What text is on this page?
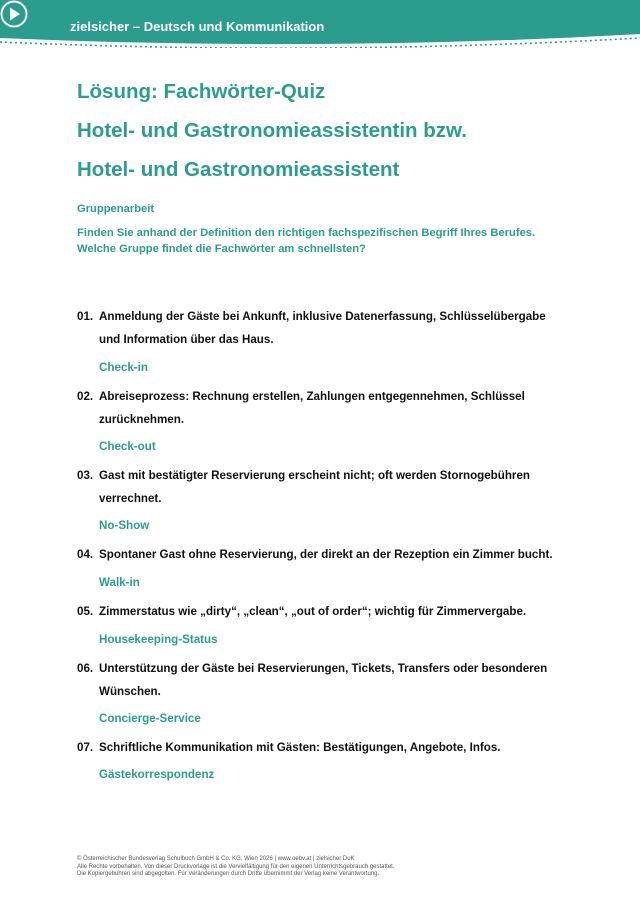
zielsicher – Deutsch und Kommunikation
Lösung: Fachwörter-Quiz
Hotel- und Gastronomieassistentin bzw.
Hotel- und Gastronomieassistent
Gruppenarbeit
Finden Sie anhand der Definition den richtigen fachspezifischen Begriff Ihres Berufes.
Welche Gruppe findet die Fachwörter am schnellsten?
01. Anmeldung der Gäste bei Ankunft, inklusive Datenerfassung, Schlüsselübergabe
und Information über das Haus.
Check-in
02. Abreiseprozess: Rechnung erstellen, Zahlungen entgegennehmen, Schlüssel
zurücknehmen.
Check-out
03. Gast mit bestätigter Reservierung erscheint nicht; oft werden Stornogebühren
verrechnet.
No-Show
04. Spontaner Gast ohne Reservierung, der direkt an der Rezeption ein Zimmer bucht.
Walk-in
05. Zimmerstatus wie „dirty“, „clean“, „out of order“; wichtig für Zimmervergabe.
Housekeeping-Status
06. Unterstützung der Gäste bei Reservierungen, Tickets, Transfers oder besonderen
Wünschen.
Concierge-Service
07. Schriftliche Kommunikation mit Gästen: Bestätigungen, Angebote, Infos.
Gästekorrespondenz
© Österreichischer Bundesverlag Schulbuch GmbH & Co. KG, Wien 2026 | www.oebv.at | zielsicher DuK
Alle Rechte vorbehalten. Von dieser Druckvorlage ist die Vervielfältigung für den eigenen Unterrichtsgebrauch gestattet.
Die Kopiergebühren sind abgegolten. Für Veränderungen durch Dritte übernimmt der Verlag keine Verantwortung.
